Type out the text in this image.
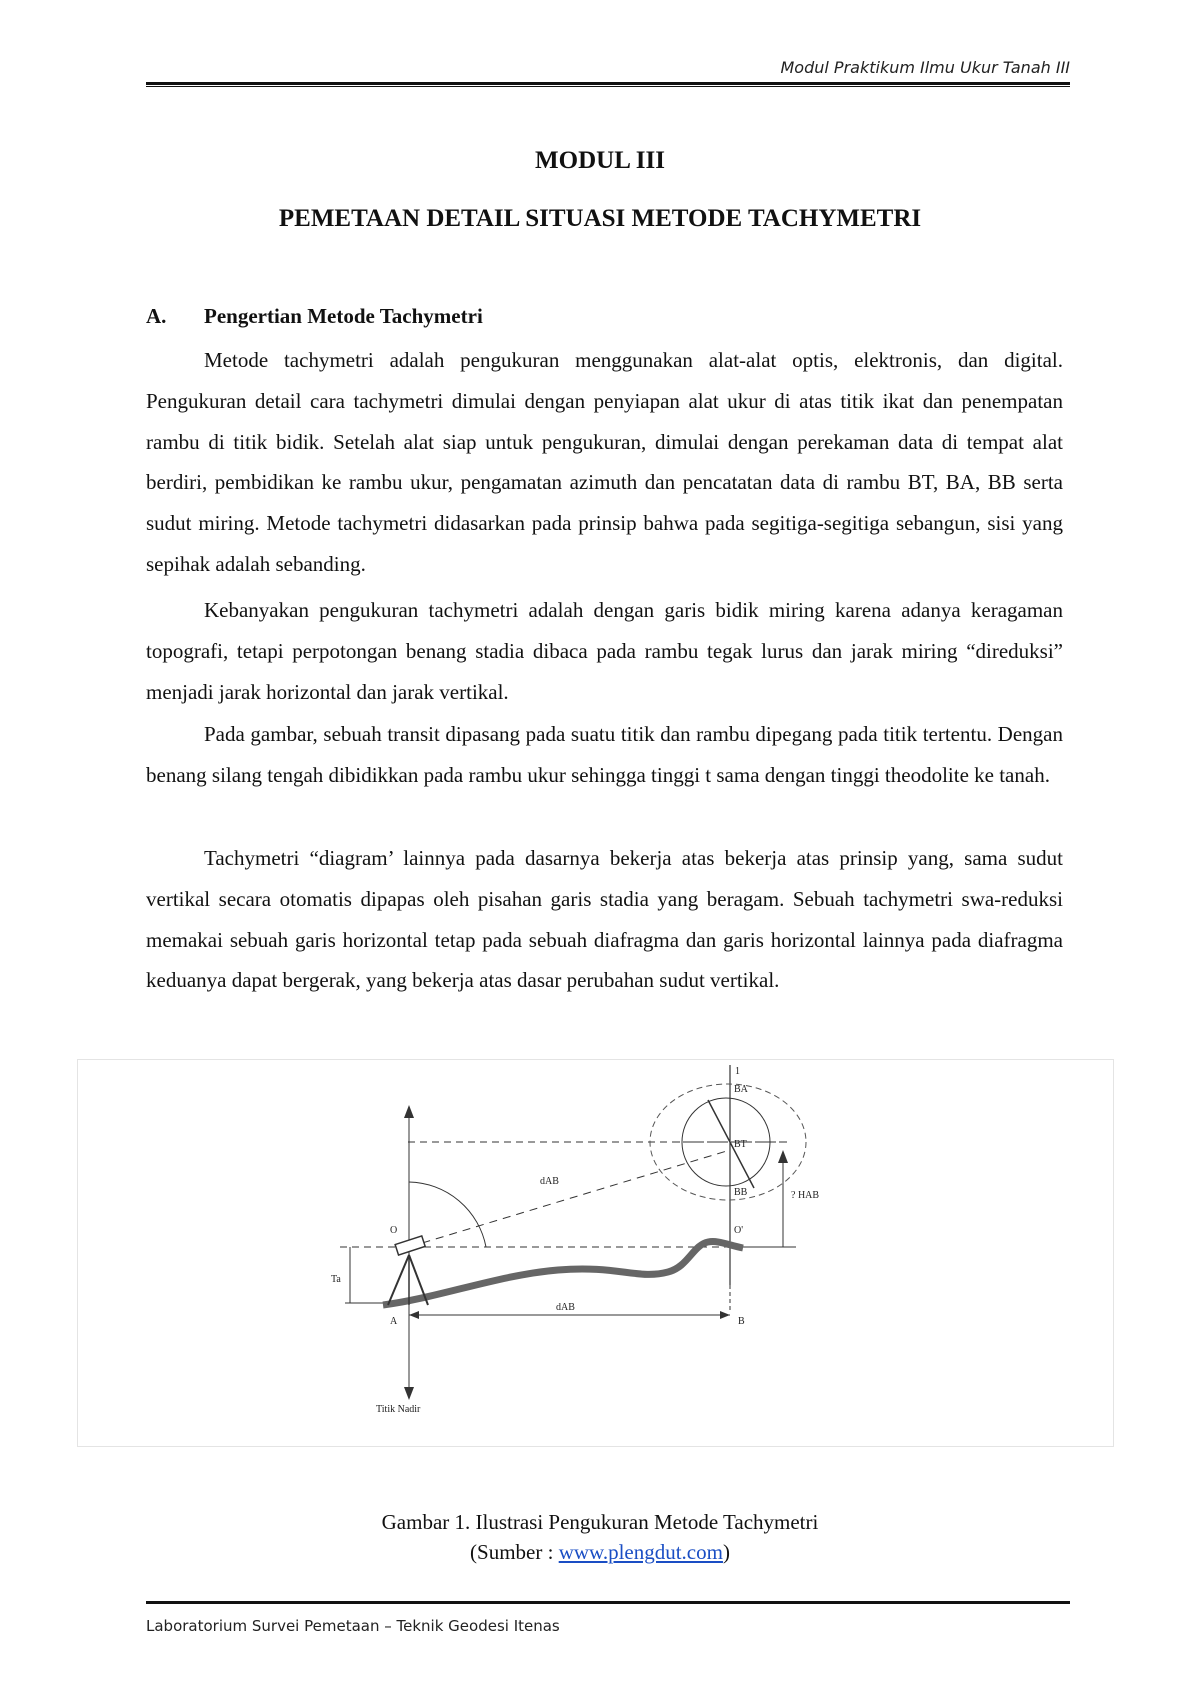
Modul Praktikum Ilmu Ukur Tanah III
MODUL III
PEMETAAN DETAIL SITUASI METODE TACHYMETRI
A. Pengertian Metode Tachymetri

Metode tachymetri adalah pengukuran menggunakan alat-alat optis, elektronis, dan digital. Pengukuran detail cara tachymetri dimulai dengan penyiapan alat ukur di atas titik ikat dan penempatan rambu di titik bidik. Setelah alat siap untuk pengukuran, dimulai dengan perekaman data di tempat alat berdiri, pembidikan ke rambu ukur, pengamatan azimuth dan pencatatan data di rambu BT, BA, BB serta sudut miring. Metode tachymetri didasarkan pada prinsip bahwa pada segitiga-segitiga sebangun, sisi yang sepihak adalah sebanding.

Kebanyakan pengukuran tachymetri adalah dengan garis bidik miring karena adanya keragaman topografi, tetapi perpotongan benang stadia dibaca pada rambu tegak lurus dan jarak miring “direduksi” menjadi jarak horizontal dan jarak vertikal.

Pada gambar, sebuah transit dipasang pada suatu titik dan rambu dipegang pada titik tertentu. Dengan benang silang tengah dibidikkan pada rambu ukur sehingga tinggi t sama dengan tinggi theodolite ke tanah.

Tachymetri “diagram’ lainnya pada dasarnya bekerja atas bekerja atas prinsip yang, sama sudut vertikal secara otomatis dipapas oleh pisahan garis stadia yang beragam. Sebuah tachymetri swa-reduksi memakai sebuah garis horizontal tetap pada sebuah diafragma dan garis horizontal lainnya pada diafragma keduanya dapat bergerak, yang bekerja atas dasar perubahan sudut vertikal.

O	O'
Ta
A	B
dAB
dAB
BA
BT
BB	? HAB
1
Titik Nadir
Gambar 1. Ilustrasi Pengukuran Metode Tachymetri
(Sumber : www.plengdut.com)
Laboratorium Survei Pemetaan – Teknik Geodesi Itenas
